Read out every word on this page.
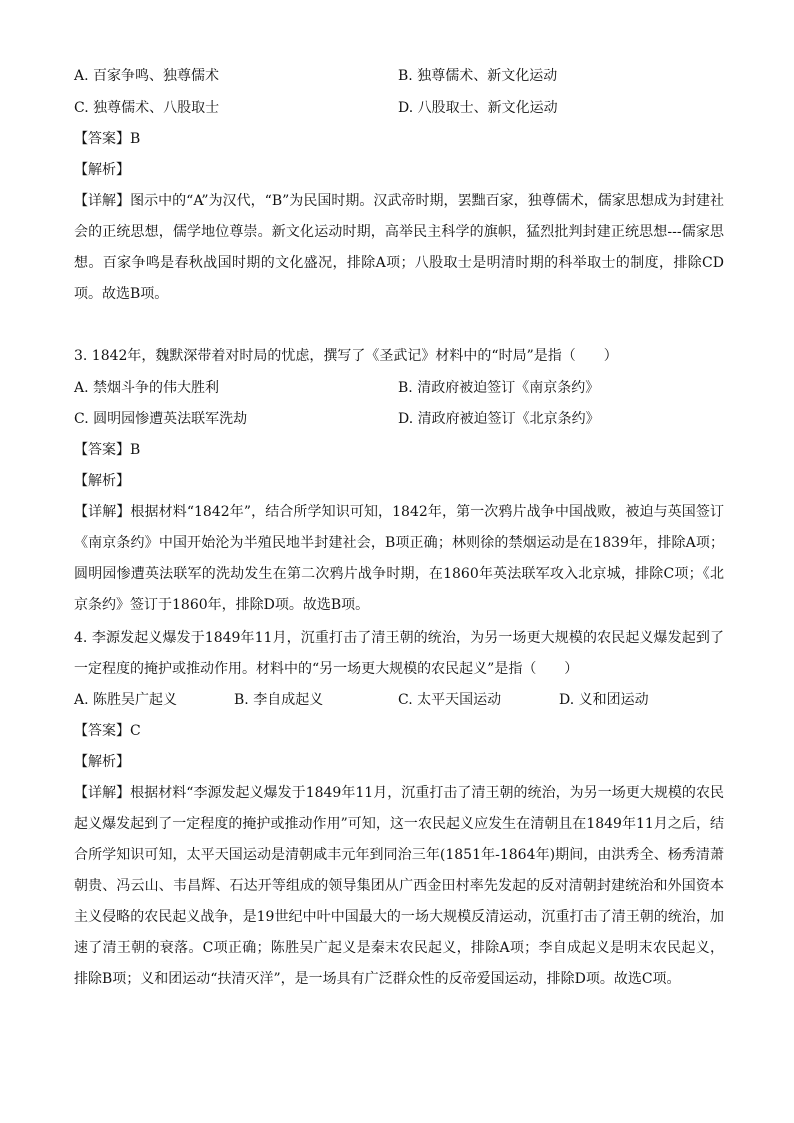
A. 百家争鸣、独尊儒术	B. 独尊儒术、新文化运动
C. 独尊儒术、八股取士	D. 八股取士、新文化运动
【答案】B
【解析】
【详解】图示中的“A”为汉代，“B”为民国时期。汉武帝时期，罢黜百家，独尊儒术，儒家思想成为封建社会的正统思想，儒学地位尊崇。新文化运动时期，高举民主科学的旗帜，猛烈批判封建正统思想---儒家思想。百家争鸣是春秋战国时期的文化盛况，排除A项；八股取士是明清时期的科举取士的制度，排除CD项。故选B项。
3. 1842年，魏默深带着对时局的忧虑，撰写了《圣武记》材料中的“时局”是指（　　）
A. 禁烟斗争的伟大胜利	B. 清政府被迫签订《南京条约》
C. 圆明园惨遭英法联军洗劫	D. 清政府被迫签订《北京条约》
【答案】B
【解析】
【详解】根据材料“1842年”，结合所学知识可知，1842年，第一次鸦片战争中国战败，被迫与英国签订《南京条约》中国开始沦为半殖民地半封建社会，B项正确；林则徐的禁烟运动是在1839年，排除A项；圆明园惨遭英法联军的洗劫发生在第二次鸦片战争时期，在1860年英法联军攻入北京城，排除C项；《北京条约》签订于1860年，排除D项。故选B项。
4. 李源发起义爆发于1849年11月，沉重打击了清王朝的统治，为另一场更大规模的农民起义爆发起到了一定程度的掩护或推动作用。材料中的“另一场更大规模的农民起义”是指（　　）
A. 陈胜吴广起义	B. 李自成起义	C. 太平天国运动	D. 义和团运动
【答案】C
【解析】
【详解】根据材料“李源发起义爆发于1849年11月，沉重打击了清王朝的统治，为另一场更大规模的农民起义爆发起到了一定程度的掩护或推动作用”可知，这一农民起义应发生在清朝且在1849年11月之后，结合所学知识可知，太平天国运动是清朝咸丰元年到同治三年(1851年-1864年)期间，由洪秀全、杨秀清萧朝贵、冯云山、韦昌辉、石达开等组成的领导集团从广西金田村率先发起的反对清朝封建统治和外国资本主义侵略的农民起义战争，是19世纪中叶中国最大的一场大规模反清运动，沉重打击了清王朝的统治，加速了清王朝的衰落。C项正确；陈胜吴广起义是秦末农民起义，排除A项；李自成起义是明末农民起义，排除B项；义和团运动“扶清灭洋”，是一场具有广泛群众性的反帝爱国运动，排除D项。故选C项。
